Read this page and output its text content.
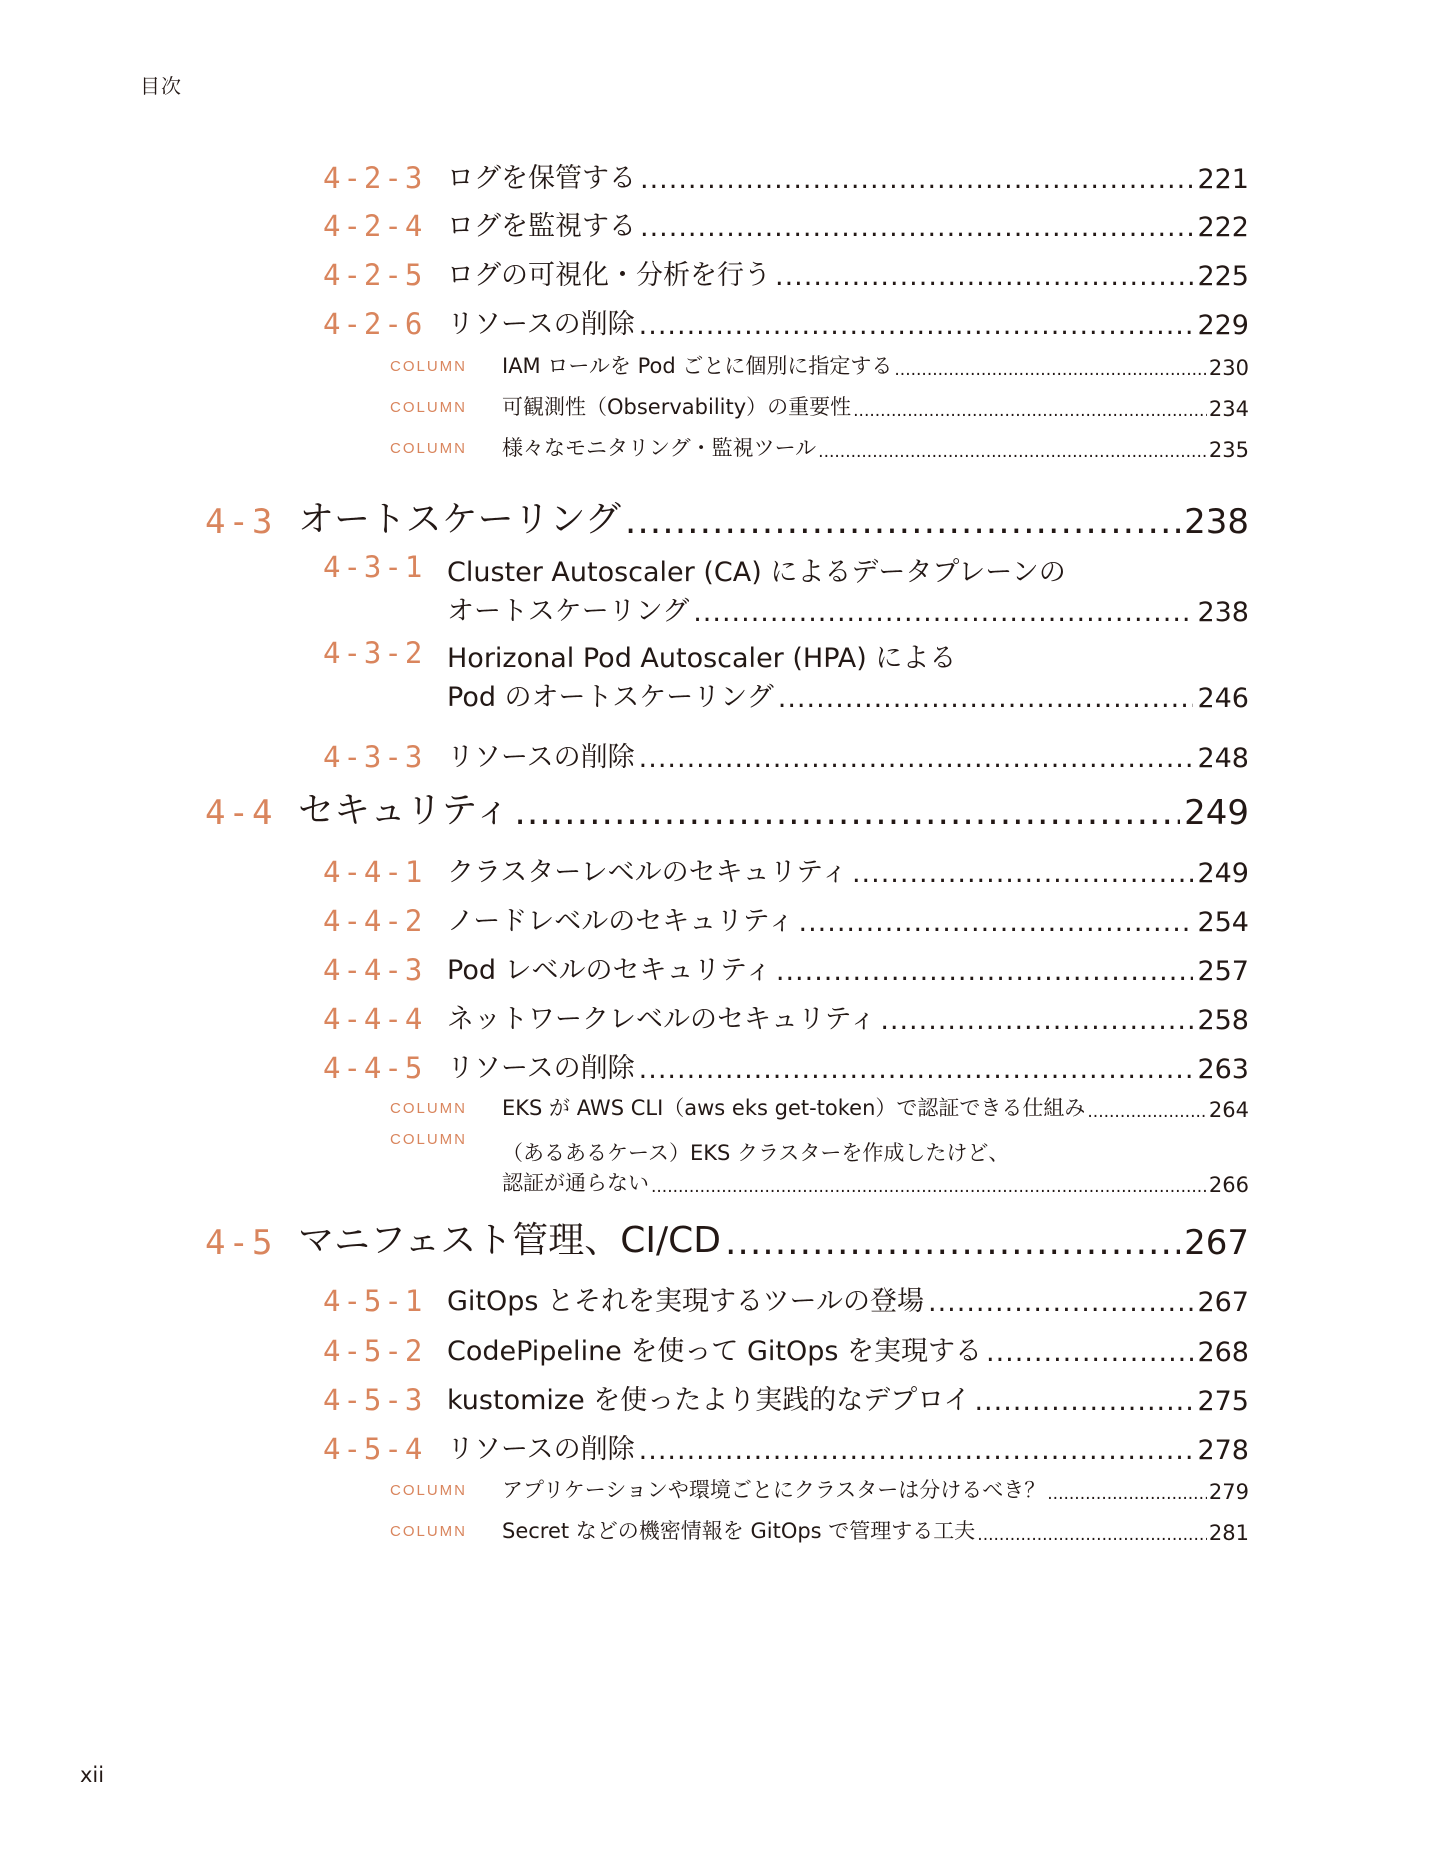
目次
4-2-3 ログを保管する .....	221
4-2-4 ログを監視する .....	222
4-2-5 ログの可視化・分析を行う .....	225
4-2-6 リソースの削除 .....	229
COLUMN	IAM ロールを Pod ごとに個別に指定する .....	230
COLUMN	可観測性（Observability）の重要性 .....	234
COLUMN	様々なモニタリング・監視ツール .....	235
4-3 オートスケーリング .....	238
4-3-1 Cluster Autoscaler (CA) によるデータプレーンの
オートスケーリング .....	238
4-3-2 Horizonal Pod Autoscaler (HPA) による
Pod のオートスケーリング .....	246
4-3-3 リソースの削除 .....	248
4-4 セキュリティ .....	249
4-4-1 クラスターレベルのセキュリティ .....	249
4-4-2 ノードレベルのセキュリティ .....	254
4-4-3 Pod レベルのセキュリティ .....	257
4-4-4 ネットワークレベルのセキュリティ .....	258
4-4-5 リソースの削除 .....	263
COLUMN	EKS が AWS CLI（aws eks get-token）で認証できる仕組み .....	264
COLUMN
（あるあるケース）EKS クラスターを作成したけど、
認証が通らない .....	266
4-5 マニフェスト管理、CI/CD .....	267
4-5-1 GitOps とそれを実現するツールの登場 .....	267
4-5-2 CodePipeline を使って GitOps を実現する .....	268
4-5-3 kustomize を使ったより実践的なデプロイ .....	275
4-5-4 リソースの削除 .....	278
COLUMN	アプリケーションや環境ごとにクラスターは分けるべき？ .....	279
COLUMN	Secret などの機密情報を GitOps で管理する工夫 .....	281
xii
